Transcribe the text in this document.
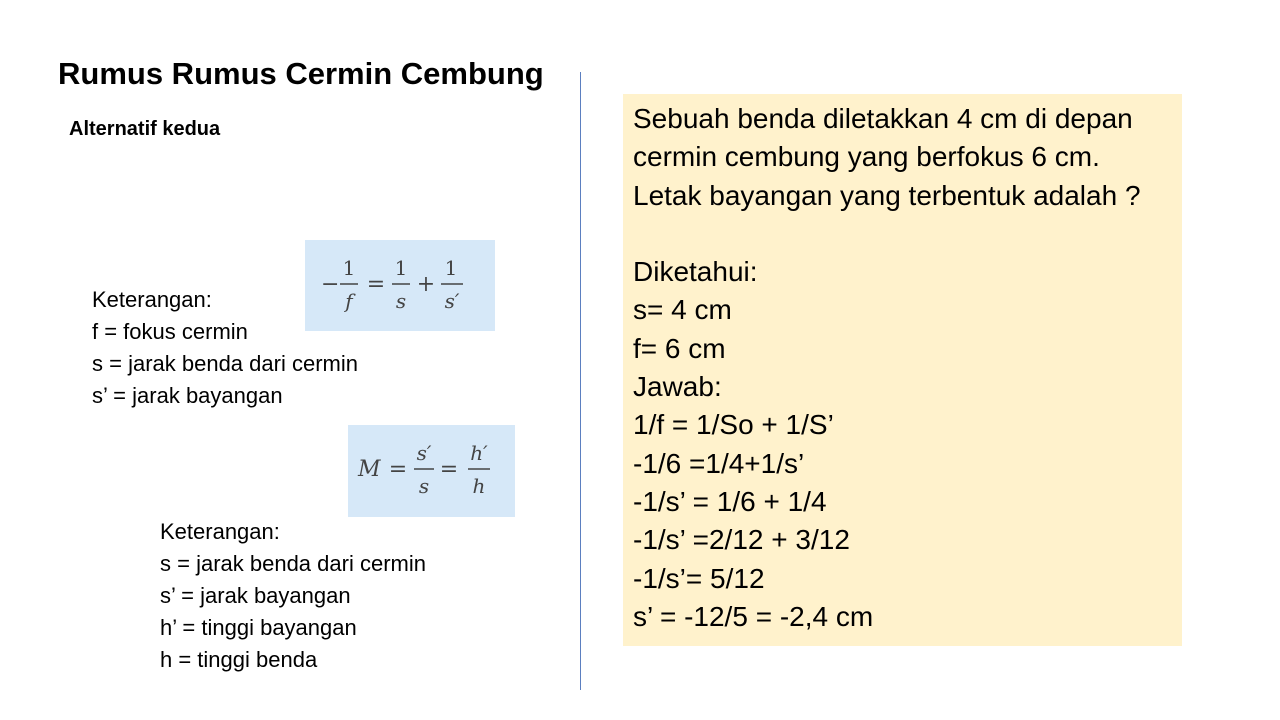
Rumus Rumus Cermin Cembung
Alternatif kedua
−
1
f
=
1
s
+
1
s′
Keterangan:
f = fokus cermin
s = jarak benda dari cermin
s’ = jarak bayangan
M =
s′
s
=
h′
h
Keterangan:
s = jarak benda dari cermin
s’ = jarak bayangan
h’ = tinggi bayangan
h = tinggi benda
Sebuah benda diletakkan 4 cm di depan
cermin cembung yang berfokus 6 cm.
Letak bayangan yang terbentuk adalah ?
Diketahui:
s= 4 cm
f= 6 cm
Jawab:
1/f = 1/So + 1/S’
-1/6 =1/4+1/s’
-1/s’ = 1/6 + 1/4
-1/s’ =2/12 + 3/12
-1/s’= 5/12
s’ = -12/5 = -2,4 cm
